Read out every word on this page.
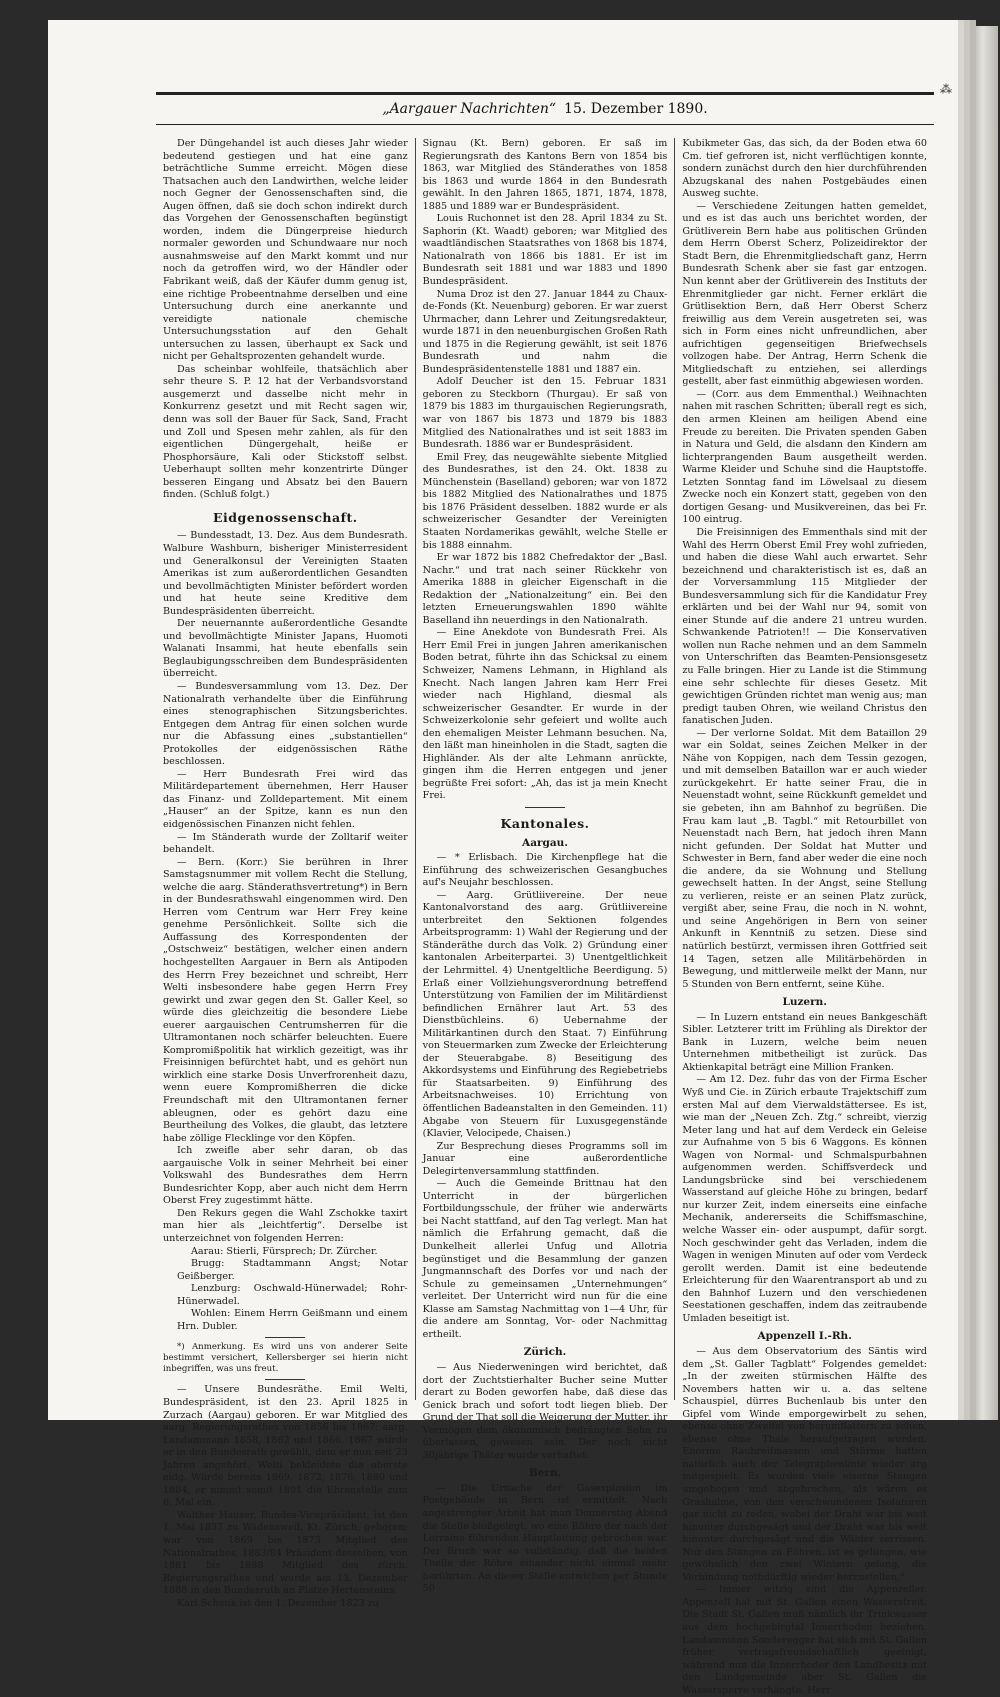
⁂
„Aargauer Nachrichten“ 15. Dezember 1890.

Der Düngehandel ist auch dieses Jahr wieder bedeutend gestiegen und hat eine ganz beträchtliche Summe erreicht. Mögen diese Thatsachen auch den Landwirthen, welche leider noch Gegner der Genossenschaften sind, die Augen öffnen, daß sie doch schon indirekt durch das Vorgehen der Genossenschaften begünstigt worden, indem die Düngerpreise hiedurch normaler geworden und Schundwaare nur noch ausnahmsweise auf den Markt kommt und nur noch da getroffen wird, wo der Händler oder Fabrikant weiß, daß der Käufer dumm genug ist, eine richtige Probeentnahme derselben und eine Untersuchung durch eine anerkannte und vereidigte nationale chemische Untersuchungsstation auf den Gehalt untersuchen zu lassen, überhaupt ex Sack und nicht per Gehaltsprozenten gehandelt wurde.

Das scheinbar wohlfeile, thatsächlich aber sehr theure S. P. 12 hat der Verbandsvorstand ausgemerzt und dasselbe nicht mehr in Konkurrenz gesetzt und mit Recht sagen wir, denn was soll der Bauer für Sack, Sand, Fracht und Zoll und Spesen mehr zahlen, als für den eigentlichen Düngergehalt, heiße er Phosphorsäure, Kali oder Stickstoff selbst. Ueberhaupt sollten mehr konzentrirte Dünger besseren Eingang und Absatz bei den Bauern finden. (Schluß folgt.)

Eidgenossenschaft.

— Bundesstadt, 13. Dez. Aus dem Bundesrath. Walbure Washburn, bisheriger Ministerresident und Generalkonsul der Vereinigten Staaten Amerikas ist zum außerordentlichen Gesandten und bevollmächtigten Minister befördert worden und hat heute seine Kreditive dem Bundespräsidenten überreicht.

Der neuernannte außerordentliche Gesandte und bevollmächtigte Minister Japans, Huomoti Walanati Insammi, hat heute ebenfalls sein Beglaubigungsschreiben dem Bundespräsidenten überreicht.

— Bundesversammlung vom 13. Dez. Der Nationalrath verhandelte über die Einführung eines stenographischen Sitzungsberichtes. Entgegen dem Antrag für einen solchen wurde nur die Abfassung eines „substantiellen“ Protokolles der eidgenössischen Räthe beschlossen.

— Herr Bundesrath Frei wird das Militärdepartement übernehmen, Herr Hauser das Finanz- und Zolldepartement. Mit einem „Hauser“ an der Spitze, kann es nun den eidgenössischen Finanzen nicht fehlen.

— Im Ständerath wurde der Zolltarif weiter behandelt.

— Bern. (Korr.) Sie berühren in Ihrer Samstagsnummer mit vollem Recht die Stellung, welche die aarg. Ständerathsvertretung*) in Bern in der Bundesrathswahl eingenommen wird. Den Herren vom Centrum war Herr Frey keine genehme Persönlichkeit. Sollte sich die Auffassung des Korrespondenten der „Ostschweiz“ bestätigen, welcher einen andern hochgestellten Aargauer in Bern als Antipoden des Herrn Frey bezeichnet und schreibt, Herr Welti insbesondere habe gegen Herrn Frey gewirkt und zwar gegen den St. Galler Keel, so würde dies gleichzeitig die besondere Liebe euerer aargauischen Centrumsherren für die Ultramontanen noch schärfer beleuchten. Euere Kompromißpolitik hat wirklich gezeitigt, was ihr Freisinnigen befürchtet habt, und es gehört nun wirklich eine starke Dosis Unverfrorenheit dazu, wenn euere Kompromißherren die dicke Freundschaft mit den Ultramontanen ferner ableugnen, oder es gehört dazu eine Beurtheilung des Volkes, die glaubt, das letztere habe zöllige Flecklinge vor den Köpfen.

Ich zweifle aber sehr daran, ob das aargauische Volk in seiner Mehrheit bei einer Volkswahl des Bundesrathes dem Herrn Bundesrichter Kopp, aber auch nicht dem Herrn Oberst Frey zugestimmt hätte.

Den Rekurs gegen die Wahl Zschokke taxirt man hier als „leichtfertig“. Derselbe ist unterzeichnet von folgenden Herren:

Aarau: Stierli, Fürsprech; Dr. Zürcher.

Brugg: Stadtammann Angst; Notar Geißberger.

Lenzburg: Oschwald-Hünerwadel; Rohr-Hünerwadel.

Wohlen: Einem Herrn Geißmann und einem Hrn. Dubler.

*) Anmerkung. Es wird uns von anderer Seite bestimmt versichert, Kellersberger sei hierin nicht inbegriffen, was uns freut.

— Unsere Bundesräthe. Emil Welti, Bundespräsident, ist den 23. April 1825 in Zurzach (Aargau) geboren. Er war Mitglied des aarg. Regierungsrathes von 1856 bis 1867; aarg. Landammann 1858, 1862 und 1866. 1867 wurde er in den Bundesrath gewählt, dem er nun seit 23 Jahren angehört. Welti bekleidete die oberste eidg. Würde bereits 1869, 1872, 1876, 1880 und 1884, er nimmt somit 1891 die Ehrenstelle zum 6. Mal ein.

Walther Hauser, Bundes-Vicepräsident, ist den 1. Mai 1837 zu Wädensweil, Kt. Zürich, geboren; war von 1869 bis 1873 Mitglied des Nationalrathes, 1883/84 Präsident desselben, von 1881 bis 1888 Mitglied des zürch. Regierungsrathes und wurde am 13. Dezember 1888 in den Bundesrath an Platze Hertensteins.

Karl Schenk ist den 1. Dezember 1823 zu

Signau (Kt. Bern) geboren. Er saß im Regierungsrath des Kantons Bern von 1854 bis 1863, war Mitglied des Ständerathes von 1858 bis 1863 und wurde 1864 in den Bundesrath gewählt. In den Jahren 1865, 1871, 1874, 1878, 1885 und 1889 war er Bundespräsident.

Louis Ruchonnet ist den 28. April 1834 zu St. Saphorin (Kt. Waadt) geboren; war Mitglied des waadtländischen Staatsrathes von 1868 bis 1874, Nationalrath von 1866 bis 1881. Er ist im Bundesrath seit 1881 und war 1883 und 1890 Bundespräsident.

Numa Droz ist den 27. Januar 1844 zu Chaux-de-Fonds (Kt. Neuenburg) geboren. Er war zuerst Uhrmacher, dann Lehrer und Zeitungsredakteur, wurde 1871 in den neuenburgischen Großen Rath und 1875 in die Regierung gewählt, ist seit 1876 Bundesrath und nahm die Bundespräsidentenstelle 1881 und 1887 ein.

Adolf Deucher ist den 15. Februar 1831 geboren zu Steckborn (Thurgau). Er saß von 1879 bis 1883 im thurgauischen Regierungsrath, war von 1867 bis 1873 und 1879 bis 1883 Mitglied des Nationalrathes und ist seit 1883 im Bundesrath. 1886 war er Bundespräsident.

Emil Frey, das neugewählte siebente Mitglied des Bundesrathes, ist den 24. Okt. 1838 zu Münchenstein (Baselland) geboren; war von 1872 bis 1882 Mitglied des Nationalrathes und 1875 bis 1876 Präsident desselben. 1882 wurde er als schweizerischer Gesandter der Vereinigten Staaten Nordamerikas gewählt, welche Stelle er bis 1888 einnahm.

Er war 1872 bis 1882 Chefredaktor der „Basl. Nachr.“ und trat nach seiner Rückkehr von Amerika 1888 in gleicher Eigenschaft in die Redaktion der „Nationalzeitung“ ein. Bei den letzten Erneuerungswahlen 1890 wählte Baselland ihn neuerdings in den Nationalrath.

— Eine Anekdote von Bundesrath Frei. Als Herr Emil Frei in jungen Jahren amerikanischen Boden betrat, führte ihn das Schicksal zu einem Schweizer, Namens Lehmann, in Highland als Knecht. Nach langen Jahren kam Herr Frei wieder nach Highland, diesmal als schweizerischer Gesandter. Er wurde in der Schweizerkolonie sehr gefeiert und wollte auch den ehemaligen Meister Lehmann besuchen. Na, den läßt man hineinholen in die Stadt, sagten die Highländer. Als der alte Lehmann anrückte, gingen ihm die Herren entgegen und jener begrüßte Frei sofort: „Ah, das ist ja mein Knecht Frei.

Kantonales.
Aargau.

— * Erlisbach. Die Kirchenpflege hat die Einführung des schweizerischen Gesangbuches auf's Neujahr beschlossen.

— Aarg. Grütliivereine. Der neue Kantonalvorstand des aarg. Grütliivereine unterbreitet den Sektionen folgendes Arbeitsprogramm: 1) Wahl der Regierung und der Ständeräthe durch das Volk. 2) Gründung einer kantonalen Arbeiterpartei. 3) Unentgeltlichkeit der Lehrmittel. 4) Unentgeltliche Beerdigung. 5) Erlaß einer Vollziehungsverordnung betreffend Unterstützung von Familien der im Militärdienst befindlichen Ernährer laut Art. 53 des Dienstbüchleins. 6) Uebernahme der Militärkantinen durch den Staat. 7) Einführung von Steuermarken zum Zwecke der Erleichterung der Steuerabgabe. 8) Beseitigung des Akkordsystems und Einführung des Regiebetriebs für Staatsarbeiten. 9) Einführung des Arbeitsnachweises. 10) Errichtung von öffentlichen Badeanstalten in den Gemeinden. 11) Abgabe von Steuern für Luxusgegenstände (Klavier, Velocipede, Chaisen.)

Zur Besprechung dieses Programms soll im Januar eine außerordentliche Delegirtenversammlung stattfinden.

— Auch die Gemeinde Brittnau hat den Unterricht in der bürgerlichen Fortbildungsschule, der früher wie anderwärts bei Nacht stattfand, auf den Tag verlegt. Man hat nämlich die Erfahrung gemacht, daß die Dunkelheit allerlei Unfug und Allotria begünstiget und die Besammlung der ganzen Jungmannschaft des Dorfes vor und nach der Schule zu gemeinsamen „Unternehmungen“ verleitet. Der Unterricht wird nun für die eine Klasse am Samstag Nachmittag von 1—4 Uhr, für die andere am Sonntag, Vor- oder Nachmittag ertheilt.

Zürich.

— Aus Niederweningen wird berichtet, daß dort der Zuchtstierhalter Bucher seine Mutter derart zu Boden geworfen habe, daß diese das Genick brach und sofort todt liegen blieb. Der Grund der That soll die Weigerung der Mutter, ihr Vermögen dem ökonomisch bedrängten Sohn zu überlassen, gewesen sein. Der noch nicht 30jährige Thäter wurde verhaftet.

Bern.

— Die Ursache der Gasexplosion im Postgebäude in Bern ist ermittelt. Nach angestrengter Arbeit hat man Donnerstag Abend die Stelle bloßgelegt, wo eine Röhre der nach der Lorraine führenden Hauptleitung gebrochen war. Der Bruch war so vollständig, daß die beiden Theile der Röhre einander nicht einmal mehr berührten. An dieser Stelle entwichen per Stunde 50

Kubikmeter Gas, das sich, da der Boden etwa 60 Cm. tief gefroren ist, nicht verflüchtigen konnte, sondern zunächst durch den hier durchführenden Abzugskanal des nahen Postgebäudes einen Ausweg suchte.

— Verschiedene Zeitungen hatten gemeldet, und es ist das auch uns berichtet worden, der Grütliverein Bern habe aus politischen Gründen dem Herrn Oberst Scherz, Polizeidirektor der Stadt Bern, die Ehrenmitgliedschaft ganz, Herrn Bundesrath Schenk aber sie fast gar entzogen. Nun kennt aber der Grütliverein des Instituts der Ehrenmitglieder gar nicht. Ferner erklärt die Grütlisektion Bern, daß Herr Oberst Scherz freiwillig aus dem Verein ausgetreten sei, was sich in Form eines nicht unfreundlichen, aber aufrichtigen gegenseitigen Briefwechsels vollzogen habe. Der Antrag, Herrn Schenk die Mitgliedschaft zu entziehen, sei allerdings gestellt, aber fast einmüthig abgewiesen worden.

— (Corr. aus dem Emmenthal.) Weihnachten nahen mit raschen Schritten; überall regt es sich, den armen Kleinen am heiligen Abend eine Freude zu bereiten. Die Privaten spenden Gaben in Natura und Geld, die alsdann den Kindern am lichterprangenden Baum ausgetheilt werden. Warme Kleider und Schuhe sind die Hauptstoffe. Letzten Sonntag fand im Löwelsaal zu diesem Zwecke noch ein Konzert statt, gegeben von den dortigen Gesang- und Musikvereinen, das bei Fr. 100 eintrug.

Die Freisinnigen des Emmenthals sind mit der Wahl des Herrn Oberst Emil Frey wohl zufrieden, und haben die diese Wahl auch erwartet. Sehr bezeichnend und charakteristisch ist es, daß an der Vorversammlung 115 Mitglieder der Bundesversammlung sich für die Kandidatur Frey erklärten und bei der Wahl nur 94, somit von einer Stunde auf die andere 21 untreu wurden. Schwankende Patrioten!! — Die Konservativen wollen nun Rache nehmen und an dem Sammeln von Unterschriften das Beamten-Pensionsgesetz zu Falle bringen. Hier zu Lande ist die Stimmung eine sehr schlechte für dieses Gesetz. Mit gewichtigen Gründen richtet man wenig aus; man predigt tauben Ohren, wie weiland Christus den fanatischen Juden.

— Der verlorne Soldat. Mit dem Bataillon 29 war ein Soldat, seines Zeichen Melker in der Nähe von Koppigen, nach dem Tessin gezogen, und mit demselben Bataillon war er auch wieder zurückgekehrt. Er hatte seiner Frau, die in Neuenstadt wohnt, seine Rückkunft gemeldet und sie gebeten, ihn am Bahnhof zu begrüßen. Die Frau kam laut „B. Tagbl.“ mit Retourbillet von Neuenstadt nach Bern, hat jedoch ihren Mann nicht gefunden. Der Soldat hat Mutter und Schwester in Bern, fand aber weder die eine noch die andere, da sie Wohnung und Stellung gewechselt hatten. In der Angst, seine Stellung zu verlieren, reiste er an seinen Platz zurück, vergißt aber, seine Frau, die noch in N. wohnt, und seine Angehörigen in Bern von seiner Ankunft in Kenntniß zu setzen. Diese sind natürlich bestürzt, vermissen ihren Gottfried seit 14 Tagen, setzen alle Militärbehörden in Bewegung, und mittlerweile melkt der Mann, nur 5 Stunden von Bern entfernt, seine Kühe.

Luzern.

— In Luzern entstand ein neues Bankgeschäft Sibler. Letzterer tritt im Frühling als Direktor der Bank in Luzern, welche beim neuen Unternehmen mitbetheiligt ist zurück. Das Aktienkapital beträgt eine Million Franken.

— Am 12. Dez. fuhr das von der Firma Escher Wyß und Cie. in Zürich erbaute Trajektschiff zum ersten Mal auf dem Vierwaldstättersee. Es ist, wie man der „Neuen Zch. Ztg.“ schreibt, vierzig Meter lang und hat auf dem Verdeck ein Geleise zur Aufnahme von 5 bis 6 Waggons. Es können Wagen von Normal- und Schmalspurbahnen aufgenommen werden. Schiffsverdeck und Landungsbrücke sind bei verschiedenem Wasserstand auf gleiche Höhe zu bringen, bedarf nur kurzer Zeit, indem einerseits eine einfache Mechanik, andererseits die Schiffsmaschine, welche Wasser ein- oder auspumpt, dafür sorgt. Noch geschwinder geht das Verladen, indem die Wagen in wenigen Minuten auf oder vom Verdeck gerollt werden. Damit ist eine bedeutende Erleichterung für den Waarentransport ab und zu den Bahnhof Luzern und den verschiedenen Seestationen geschaffen, indem das zeitraubende Umladen beseitigt ist.

Appenzell I.-Rh.

— Aus dem Observatorium des Säntis wird dem „St. Galler Tagblatt“ Folgendes gemeldet: „In der zweiten stürmischen Hälfte des Novembers hatten wir u. a. das seltene Schauspiel, dürres Buchenlaub bis unter den Gipfel vom Winde emporgewirbelt zu sehen, ebenso ohne Zweifel von herumflattern zu sehen, ebenso ohne Thale heraufgetragen wurden. Enorme Rauhreifmassen und Stürme hatten natürlich auch der Telegraphenlinie wieder arg mitgespielt. Es wurden viele eiserne Stangen umgebogen und abgebrochen, als wären es Grashalme, von den verschwundenen Isolatoren gar nicht zu reden, wobei der Draht war bis weit hinunter durchgesägt und der Draht war bis weit hinunter durchgesägt und die Wälder zerrissen. Nur den Stangen zu Führen, ist es gelungen, wie gewöhnlich den zwei Wintern gelang, die Verbindung nothdürftig wieder herzustellen.“

— Immer witzig sind die Appenzeller. Appenzell hat mit St. Gallen einen Wasserstreit. Die Stadt St. Gallen muß nämlich ihr Trinkwasser aus dem hochgebirgtal Innerrhoden beziehen. Landammann Sonderegger hat sich mit St. Gallen früher vertragsfreundschaftlich geeinigt, während nun die Innerrhoder den Landbesitz mit den Landgemeinde aber St. Gallen die Wassersperre verhängte. Herr
